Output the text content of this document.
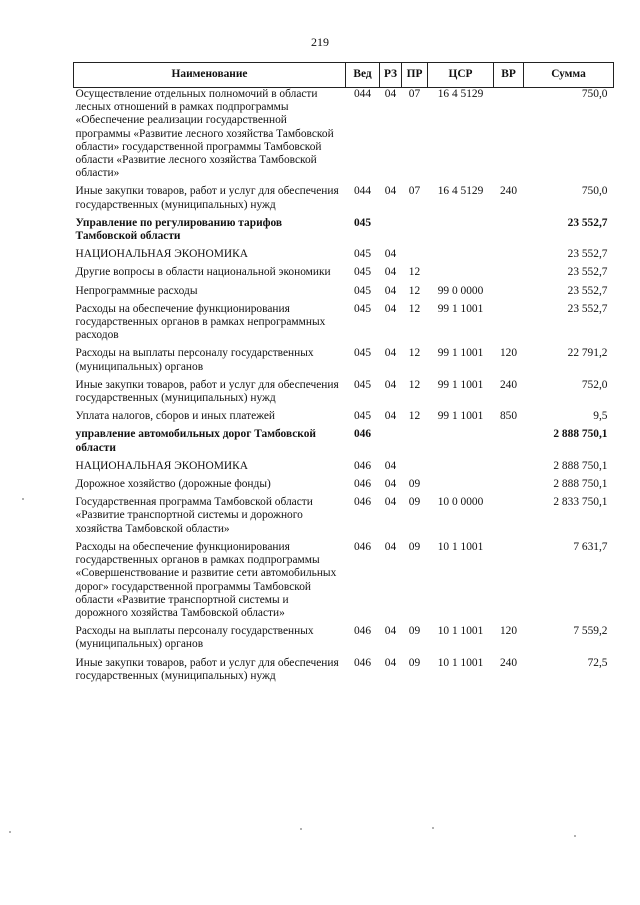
219
Наименование	Вед	РЗ	ПР	ЦСР	ВР	Сумма
Осуществление отдельных полномочий в области лесных отношений в рамках подпрограммы «Обеспечение реализации государственной программы «Развитие лесного хозяйства Тамбовской области» государственной программы Тамбовской области «Развитие лесного хозяйства Тамбовской области»	044	04	07	16 4 5129		750,0
Иные закупки товаров, работ и услуг для обеспечения государственных (муниципальных) нужд	044	04	07	16 4 5129	240	750,0
Управление по регулированию тарифов Тамбовской области	045					23 552,7
НАЦИОНАЛЬНАЯ ЭКОНОМИКА	045	04				23 552,7
Другие вопросы в области национальной экономики	045	04	12			23 552,7
Непрограммные расходы	045	04	12	99 0 0000		23 552,7
Расходы на обеспечение функционирования государственных органов в рамках непрограммных расходов	045	04	12	99 1 1001		23 552,7
Расходы на выплаты персоналу государственных (муниципальных) органов	045	04	12	99 1 1001	120	22 791,2
Иные закупки товаров, работ и услуг для обеспечения государственных (муниципальных) нужд	045	04	12	99 1 1001	240	752,0
Уплата налогов, сборов и иных платежей	045	04	12	99 1 1001	850	9,5
управление автомобильных дорог Тамбовской области	046					2 888 750,1
НАЦИОНАЛЬНАЯ ЭКОНОМИКА	046	04				2 888 750,1
Дорожное хозяйство (дорожные фонды)	046	04	09			2 888 750,1
Государственная программа Тамбовской области «Развитие транспортной системы и дорожного хозяйства Тамбовской области»	046	04	09	10 0 0000		2 833 750,1
Расходы на обеспечение функционирования государственных органов в рамках подпрограммы «Совершенствование и развитие сети автомобильных дорог» государственной программы Тамбовской области «Развитие транспортной системы и дорожного хозяйства Тамбовской области»	046	04	09	10 1 1001		7 631,7
Расходы на выплаты персоналу государственных (муниципальных) органов	046	04	09	10 1 1001	120	7 559,2
Иные закупки товаров, работ и услуг для обеспечения государственных (муниципальных) нужд	046	04	09	10 1 1001	240	72,5
